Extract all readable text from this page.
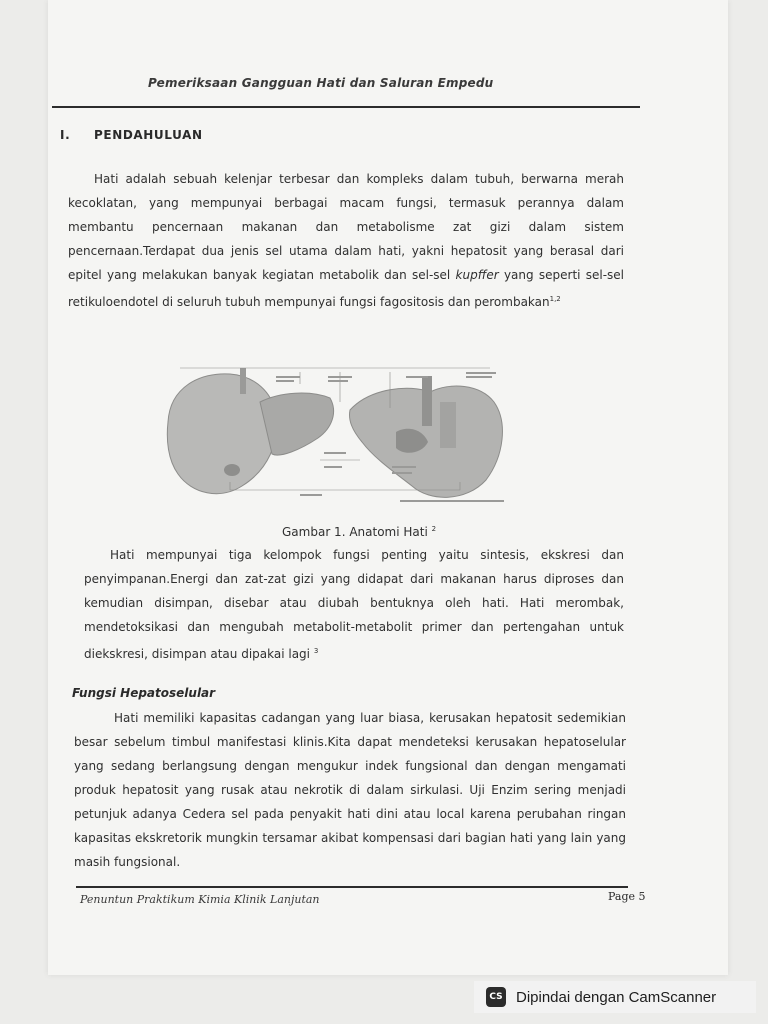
Pemeriksaan Gangguan Hati dan Saluran Empedu
I. PENDAHULUAN

Hati adalah sebuah kelenjar terbesar dan kompleks dalam tubuh, berwarna merah kecoklatan, yang mempunyai berbagai macam fungsi, termasuk perannya dalam membantu pencernaan makanan dan metabolisme zat gizi dalam sistem pencernaan.Terdapat dua jenis sel utama dalam hati, yakni hepatosit yang berasal dari epitel yang melakukan banyak kegiatan metabolik dan sel-sel kupffer yang seperti sel-sel retikuloendotel di seluruh tubuh mempunyai fungsi fagositosis dan perombakan$^{1,2}$

Gambar 1. Anatomi Hati $^2$

Hati mempunyai tiga kelompok fungsi penting yaitu sintesis, ekskresi dan penyimpanan.Energi dan zat-zat gizi yang didapat dari makanan harus diproses dan kemudian disimpan, disebar atau diubah bentuknya oleh hati. Hati merombak, mendetoksikasi dan mengubah metabolit-metabolit primer dan pertengahan untuk diekskresi, disimpan atau dipakai lagi $^3$

Fungsi Hepatoselular

Hati memiliki kapasitas cadangan yang luar biasa, kerusakan hepatosit sedemikian besar sebelum timbul manifestasi klinis.Kita dapat mendeteksi kerusakan hepatoselular yang sedang berlangsung dengan mengukur indek fungsional dan dengan mengamati produk hepatosit yang rusak atau nekrotik di dalam sirkulasi. Uji Enzim sering menjadi petunjuk adanya Cedera sel pada penyakit hati dini atau local karena perubahan ringan kapasitas ekskretorik mungkin tersamar akibat kompensasi dari bagian hati yang lain yang masih fungsional.

Penuntun Praktikum Kimia Klinik Lanjutan	Page 5
CS Dipindai dengan CamScanner
